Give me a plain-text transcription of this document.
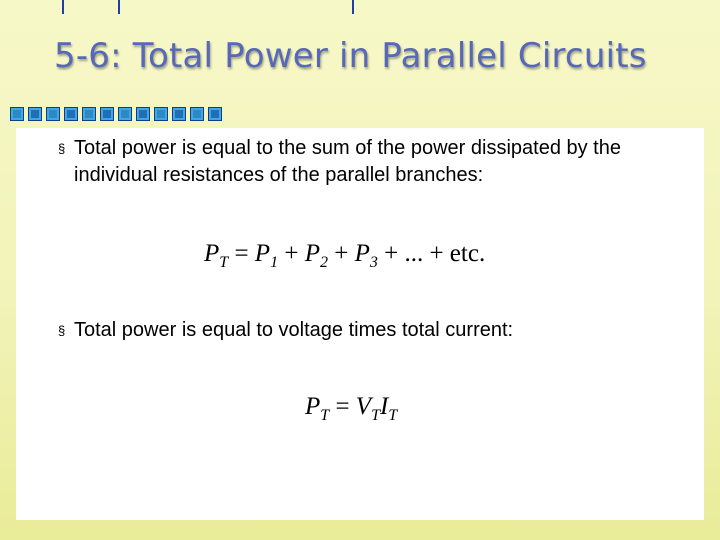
5-6: Total Power in Parallel Circuits
§ Total power is equal to the sum of the power dissipated by the individual resistances of the parallel branches:
$P_T = P_1 + P_2 + P_3$ + ... + etc.
§ Total power is equal to voltage times total current:
$P_T = V_TI_T$
